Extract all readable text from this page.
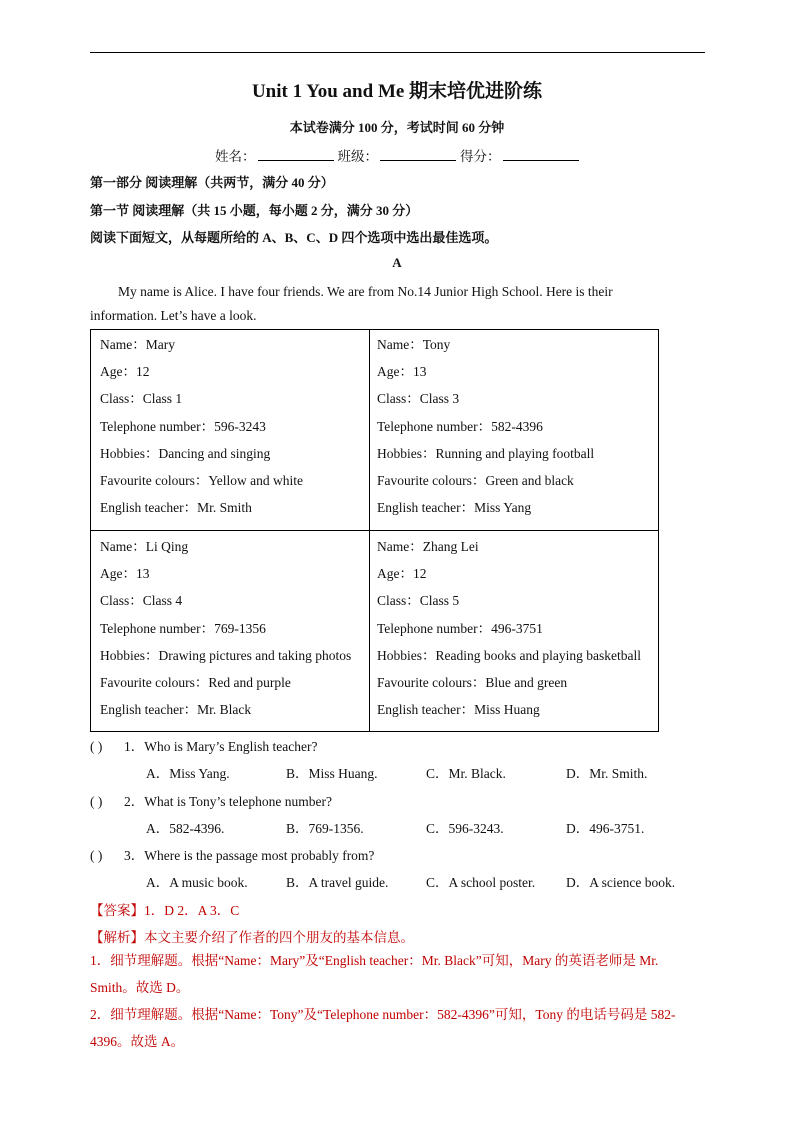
Unit 1 You and Me 期末培优进阶练
本试卷满分 100 分，考试时间 60 分钟
姓名：	班级：	得分：
第一部分 阅读理解（共两节，满分 40 分）
第一节 阅读理解（共 15 小题，每小题 2 分，满分 30 分）
阅读下面短文，从每题所给的 A、B、C、D 四个选项中选出最佳选项。
A
My name is Alice. I have four friends. We are from No.14 Junior High School. Here is their information. Let’s have a look.
Name：Mary
Age：12
Class：Class 1
Telephone number：596-3243
Hobbies：Dancing and singing
Favourite colours：Yellow and white
English teacher：Mr. Smith
Name：Tony
Age：13
Class：Class 3
Telephone number：582-4396
Hobbies：Running and playing football
Favourite colours：Green and black
English teacher：Miss Yang
Name：Li Qing
Age：13
Class：Class 4
Telephone number：769-1356
Hobbies：Drawing pictures and taking photos
Favourite colours：Red and purple
English teacher：Mr. Black
Name：Zhang Lei
Age：12
Class：Class 5
Telephone number：496-3751
Hobbies：Reading books and playing basketball
Favourite colours：Blue and green
English teacher：Miss Huang
( ) 1．Who is Mary’s English teacher?
A．Miss Yang.	B．Miss Huang.	C．Mr. Black.	D．Mr. Smith.
( ) 2．What is Tony’s telephone number?
A．582-4396.	B．769-1356.	C．596-3243.	D．496-3751.
( ) 3．Where is the passage most probably from?
A．A music book.	B．A travel guide.	C．A school poster. D．A science book.
【答案】1．D 2．A 3．C
【解析】本文主要介绍了作者的四个朋友的基本信息。
1．细节理解题。根据“Name：Mary”及“English teacher：Mr. Black”可知，Mary 的英语老师是 Mr. Smith。故选 D。
2．细节理解题。根据“Name：Tony”及“Telephone number：582-4396”可知，Tony 的电话号码是 582-4396。故选 A。
